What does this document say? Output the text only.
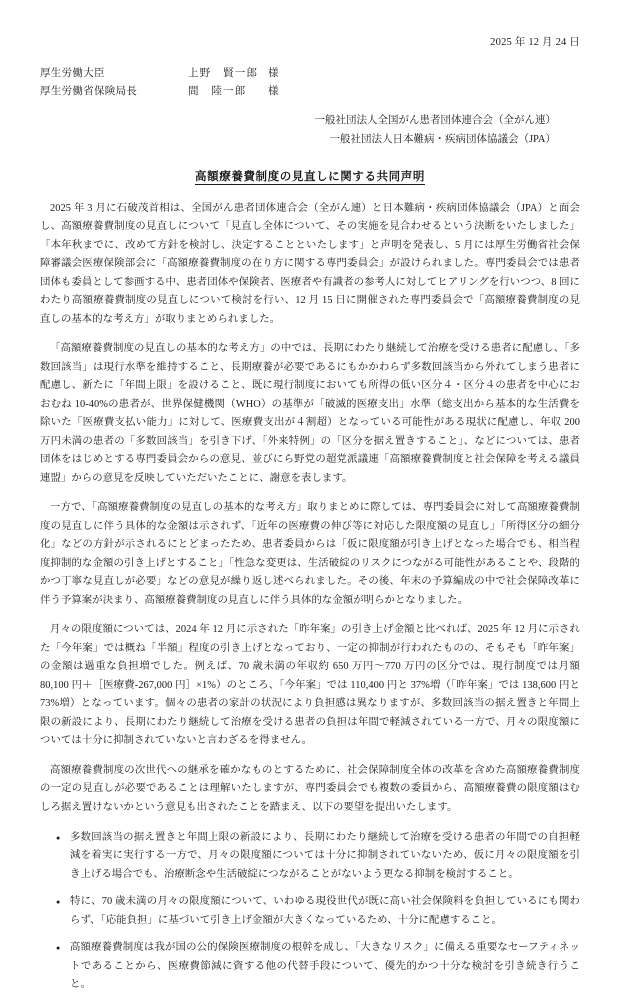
2025 年 12 月 24 日
厚生労働大臣	上野　賢一郎 様
厚生労働省保険局長	間　陸一郎	様
一般社団法人全国がん患者団体連合会（全がん連）
一般社団法人日本難病・疾病団体協議会（JPA）
高額療養費制度の見直しに関する共同声明

2025 年 3 月に石破茂首相は、全国がん患者団体連合会（全がん連）と日本難病・疾病団体協議会（JPA）と面会し、高額療養費制度の見直しについて「見直し全体について、その実施を見合わせるという決断をいたしました」「本年秋までに、改めて方針を検討し、決定することといたします」と声明を発表し、5 月には厚生労働省社会保障審議会医療保険部会に「高額療養費制度の在り方に関する専門委員会」が設けられました。専門委員会では患者団体も委員として参画する中、患者団体や保険者、医療者や有識者の参考人に対してヒアリングを行いつつ、8 回にわたり高額療養費制度の見直しについて検討を行い、12 月 15 日に開催された専門委員会で「高額療養費制度の見直しの基本的な考え方」が取りまとめられました。

「高額療養費制度の見直しの基本的な考え方」の中では、長期にわたり継続して治療を受ける患者に配慮し、「多数回該当」は現行水準を維持すること、長期療養が必要であるにもかかわらず多数回該当から外れてしまう患者に配慮し、新たに「年間上限」を設けること、既に現行制度においても所得の低い区分４・区分４の患者を中心におおむね 10-40%の患者が、世界保健機関（WHO）の基準が「破滅的医療支出」水準（総支出から基本的な生活費を除いた「医療費支払い能力」に対して、医療費支出が４割超）となっている可能性がある現状に配慮し、年収 200 万円未満の患者の「多数回該当」を引き下げ、「外来特例」の「区分を据え置きすること」、などについては、患者団体をはじめとする専門委員会からの意見、並びにら野党の超党派議連「高額療養費制度と社会保障を考える議員連盟」からの意見を反映していただいたことに、謝意を表します。

一方で、「高額療養費制度の見直しの基本的な考え方」取りまとめに際しては、専門委員会に対して高額療養費制度の見直しに伴う具体的な金額は示されず、「近年の医療費の伸び等に対応した限度額の見直し」「所得区分の細分化」などの方針が示されるにとどまったため、患者委員からは「仮に限度額が引き上げとなった場合でも、相当程度抑制的な金額の引き上げとすること」「性急な変更は、生活破綻のリスクにつながる可能性があることや、段階的かつ丁寧な見直しが必要」などの意見が繰り返し述べられました。その後、年末の予算編成の中で社会保障改革に伴う予算案が決まり、高額療養費制度の見直しに伴う具体的な金額が明らかとなりました。

月々の限度額については、2024 年 12 月に示された「昨年案」の引き上げ金額と比べれば、2025 年 12 月に示された「今年案」では概ね「半額」程度の引き上げとなっており、一定の抑制が行われたものの、そもそも「昨年案」の金額は過重な負担増でした。例えば、70 歳未満の年収約 650 万円〜770 万円の区分では、現行制度では月額 80,100 円＋［医療費-267,000 円］×1%）のところ、「今年案」では 110,400 円と 37%増（「昨年案」では 138,600 円と 73%増）となっています。個々の患者の家計の状況により負担感は異なりますが、多数回該当の据え置きと年間上限の新設により、長期にわたり継続して治療を受ける患者の負担は年間で軽減されている一方で、月々の限度額については十分に抑制されていないと言わざるを得ません。

高額療養費制度の次世代への継承を確かなものとするために、社会保障制度全体の改革を含めた高額療養費制度の一定の見直しが必要であることは理解いたしますが、専門委員会でも複数の委員から、高額療養費の限度額はむしろ据え置けないかという意見も出されたことを踏まえ、以下の要望を提出いたします。

● 多数回該当の据え置きと年間上限の新設により、長期にわたり継続して治療を受ける患者の年間での自担軽減を着実に実行する一方で、月々の限度額については十分に抑制されていないため、仮に月々の限度額を引き上げる場合でも、治療断念や生活破綻につながることがないよう更なる抑制を検討すること。
● 特に、70 歳未満の月々の限度額について、いわゆる現役世代が既に高い社会保険料を負担しているにも関わらず、「応能負担」に基づいて引き上げ金額が大きくなっているため、十分に配慮すること。
● 高額療養費制度は我が国の公的保険医療制度の根幹を成し、「大きなリスク」に備える重要なセーフティネットであることから、医療費節減に資する他の代替手段について、優先的かつ十分な検討を引き続き行うこと。
